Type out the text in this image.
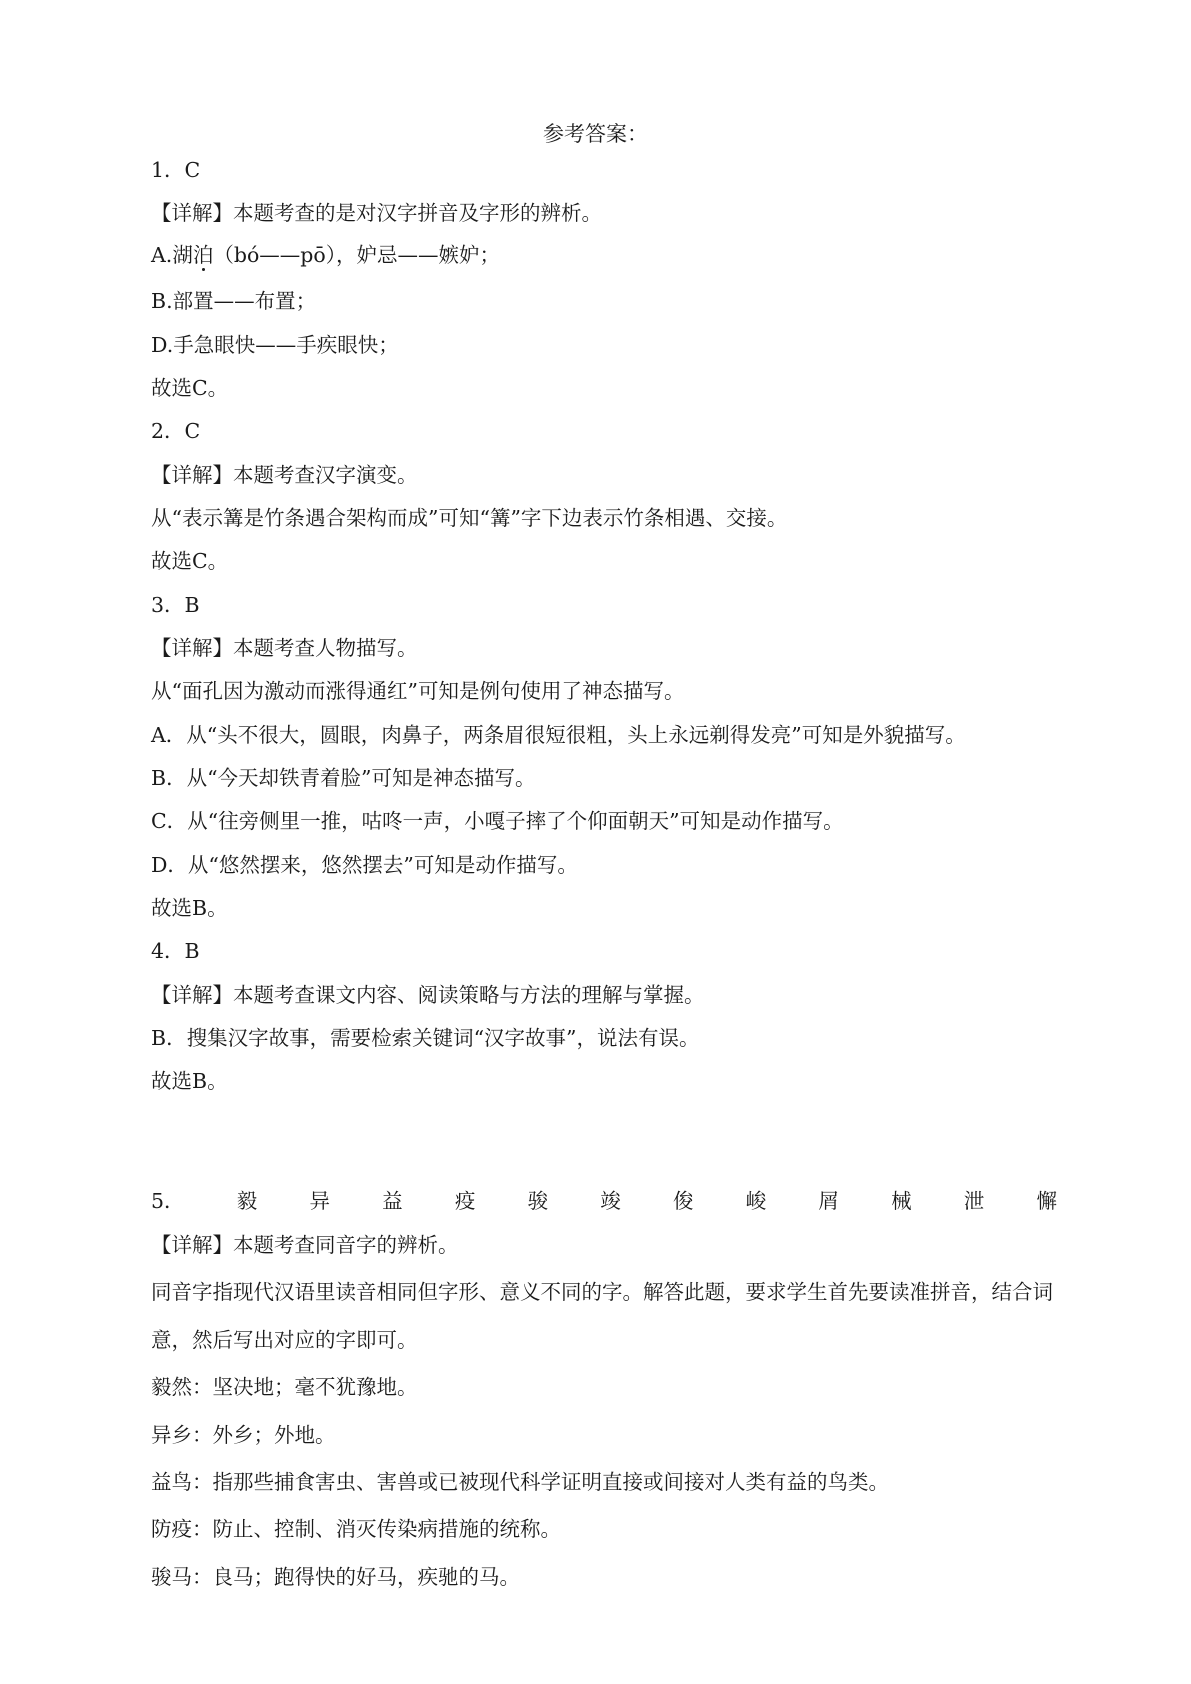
参考答案：
1．C
【详解】本题考查的是对汉字拼音及字形的辨析。
A.湖泊（bó——pō），妒忌——嫉妒；
B.部置——布置；
D.手急眼快——手疾眼快；
故选C。
2．C
【详解】本题考查汉字演变。
从“表示篝是竹条遇合架构而成”可知“篝”字下边表示竹条相遇、交接。
故选C。
3．B
【详解】本题考查人物描写。
从“面孔因为激动而涨得通红”可知是例句使用了神态描写。
A．从“头不很大，圆眼，肉鼻子，两条眉很短很粗，头上永远剃得发亮”可知是外貌描写。
B．从“今天却铁青着脸”可知是神态描写。
C．从“往旁侧里一推，咕咚一声，小嘎子摔了个仰面朝天”可知是动作描写。
D．从“悠然摆来，悠然摆去”可知是动作描写。
故选B。
4．B
【详解】本题考查课文内容、阅读策略与方法的理解与掌握。
B．搜集汉字故事，需要检索关键词“汉字故事”，说法有误。
故选B。
5．	毅	异	益	疫	骏	竣	俊	峻	屑	械	泄	懈
【详解】本题考查同音字的辨析。
同音字指现代汉语里读音相同但字形、意义不同的字。解答此题，要求学生首先要读准拼音，结合词
意，然后写出对应的字即可。
毅然：坚决地；毫不犹豫地。
异乡：外乡；外地。
益鸟：指那些捕食害虫、害兽或已被现代科学证明直接或间接对人类有益的鸟类。
防疫：防止、控制、消灭传染病措施的统称。
骏马：良马；跑得快的好马，疾驰的马。
